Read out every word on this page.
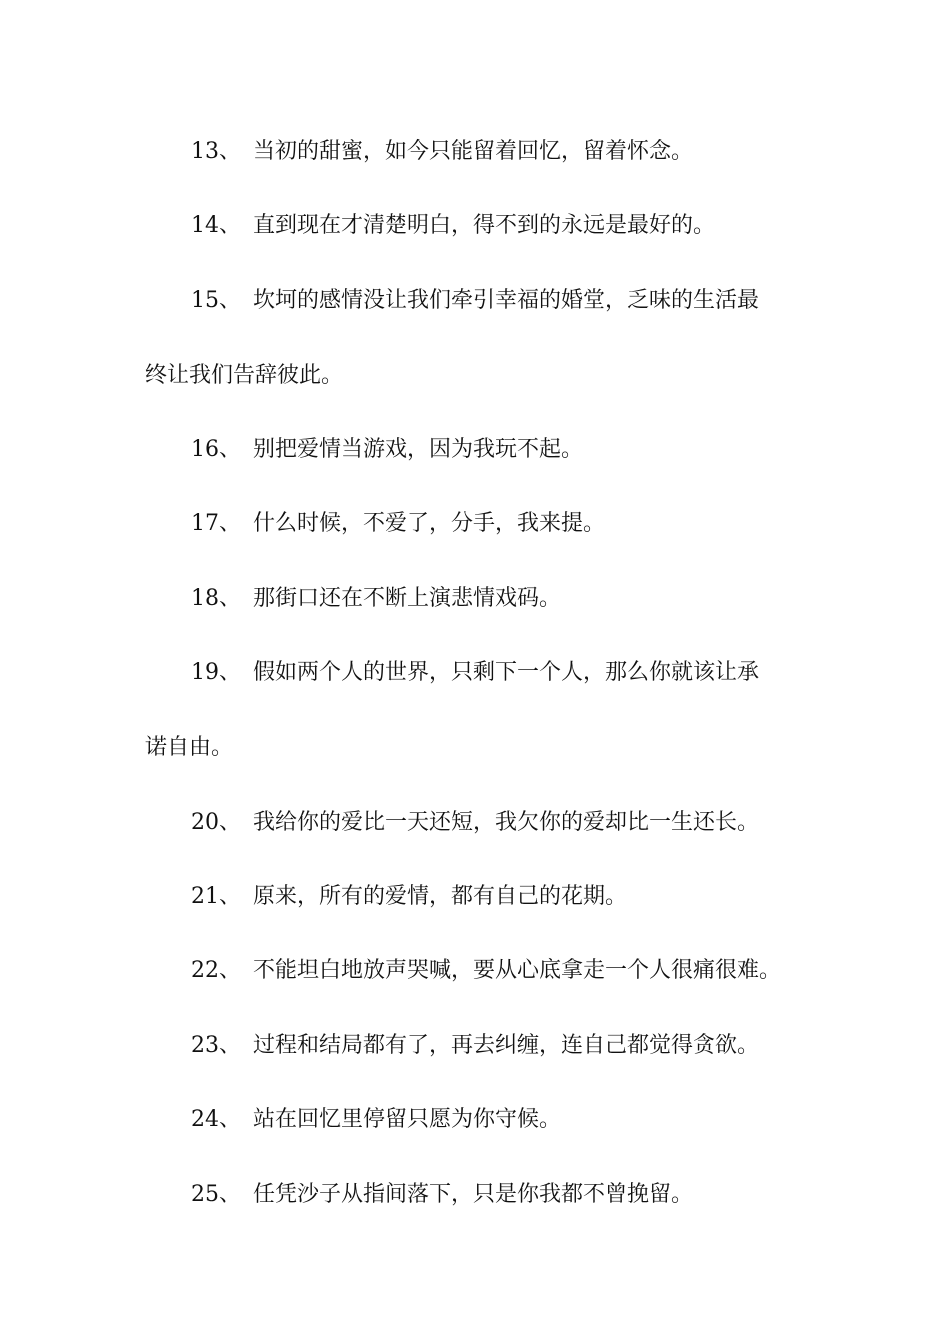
13、 当初的甜蜜，如今只能留着回忆，留着怀念。
14、 直到现在才清楚明白，得不到的永远是最好的。
15、 坎坷的感情没让我们牵引幸福的婚堂，乏味的生活最
终让我们告辞彼此。
16、 别把爱情当游戏，因为我玩不起。
17、 什么时候，不爱了，分手，我来提。
18、 那街口还在不断上演悲情戏码。
19、 假如两个人的世界，只剩下一个人，那么你就该让承
诺自由。
20、 我给你的爱比一天还短，我欠你的爱却比一生还长。
21、 原来，所有的爱情，都有自己的花期。
22、 不能坦白地放声哭喊，要从心底拿走一个人很痛很难。
23、 过程和结局都有了，再去纠缠，连自己都觉得贪欲。
24、 站在回忆里停留只愿为你守候。
25、 任凭沙子从指间落下，只是你我都不曾挽留。
